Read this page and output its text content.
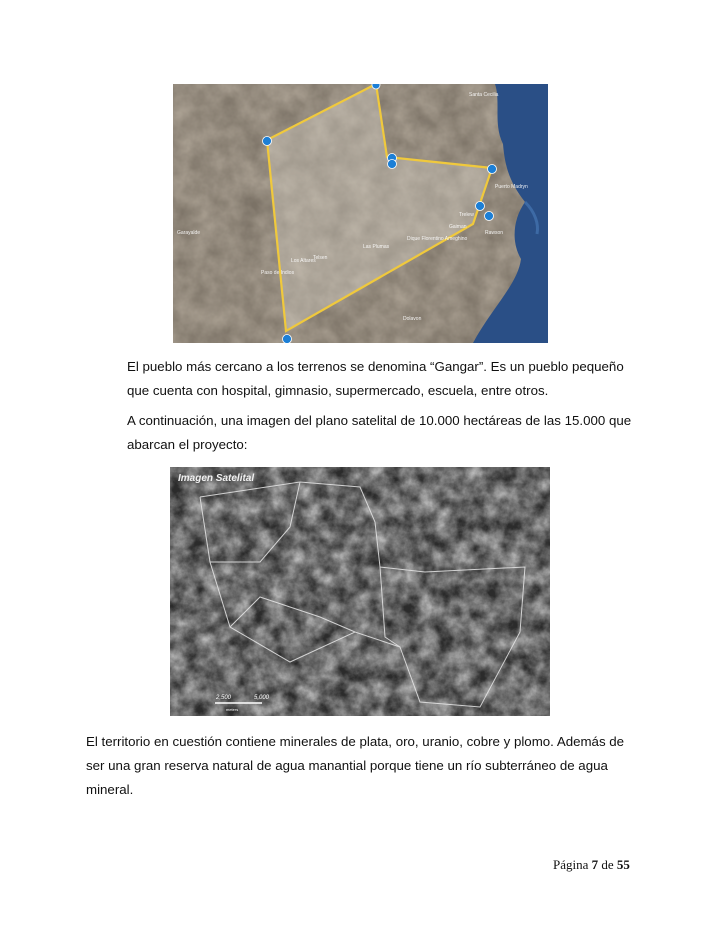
Santa Cecilia
Puerto Madryn
Trelew
Gaiman
Rawson
Dolavon
Las Plumas
Los Altares
Paso de Indios
Dique Florentino Ameghino
Telsen
Garayalde

El pueblo más cercano a los terrenos se denomina “Gangar”. Es un pueblo pequeño que cuenta con hospital, gimnasio, supermercado, escuela, entre otros.

A continuación, una imagen del plano satelital de 10.000 hectáreas de las 15.000 que abarcan el proyecto:

Imagen Satelital
2,500	5,000
meters

El territorio en cuestión contiene minerales de plata, oro, uranio, cobre y plomo. Además de ser una gran reserva natural de agua manantial porque tiene un río subterráneo de agua mineral.

Página 7 de 55
